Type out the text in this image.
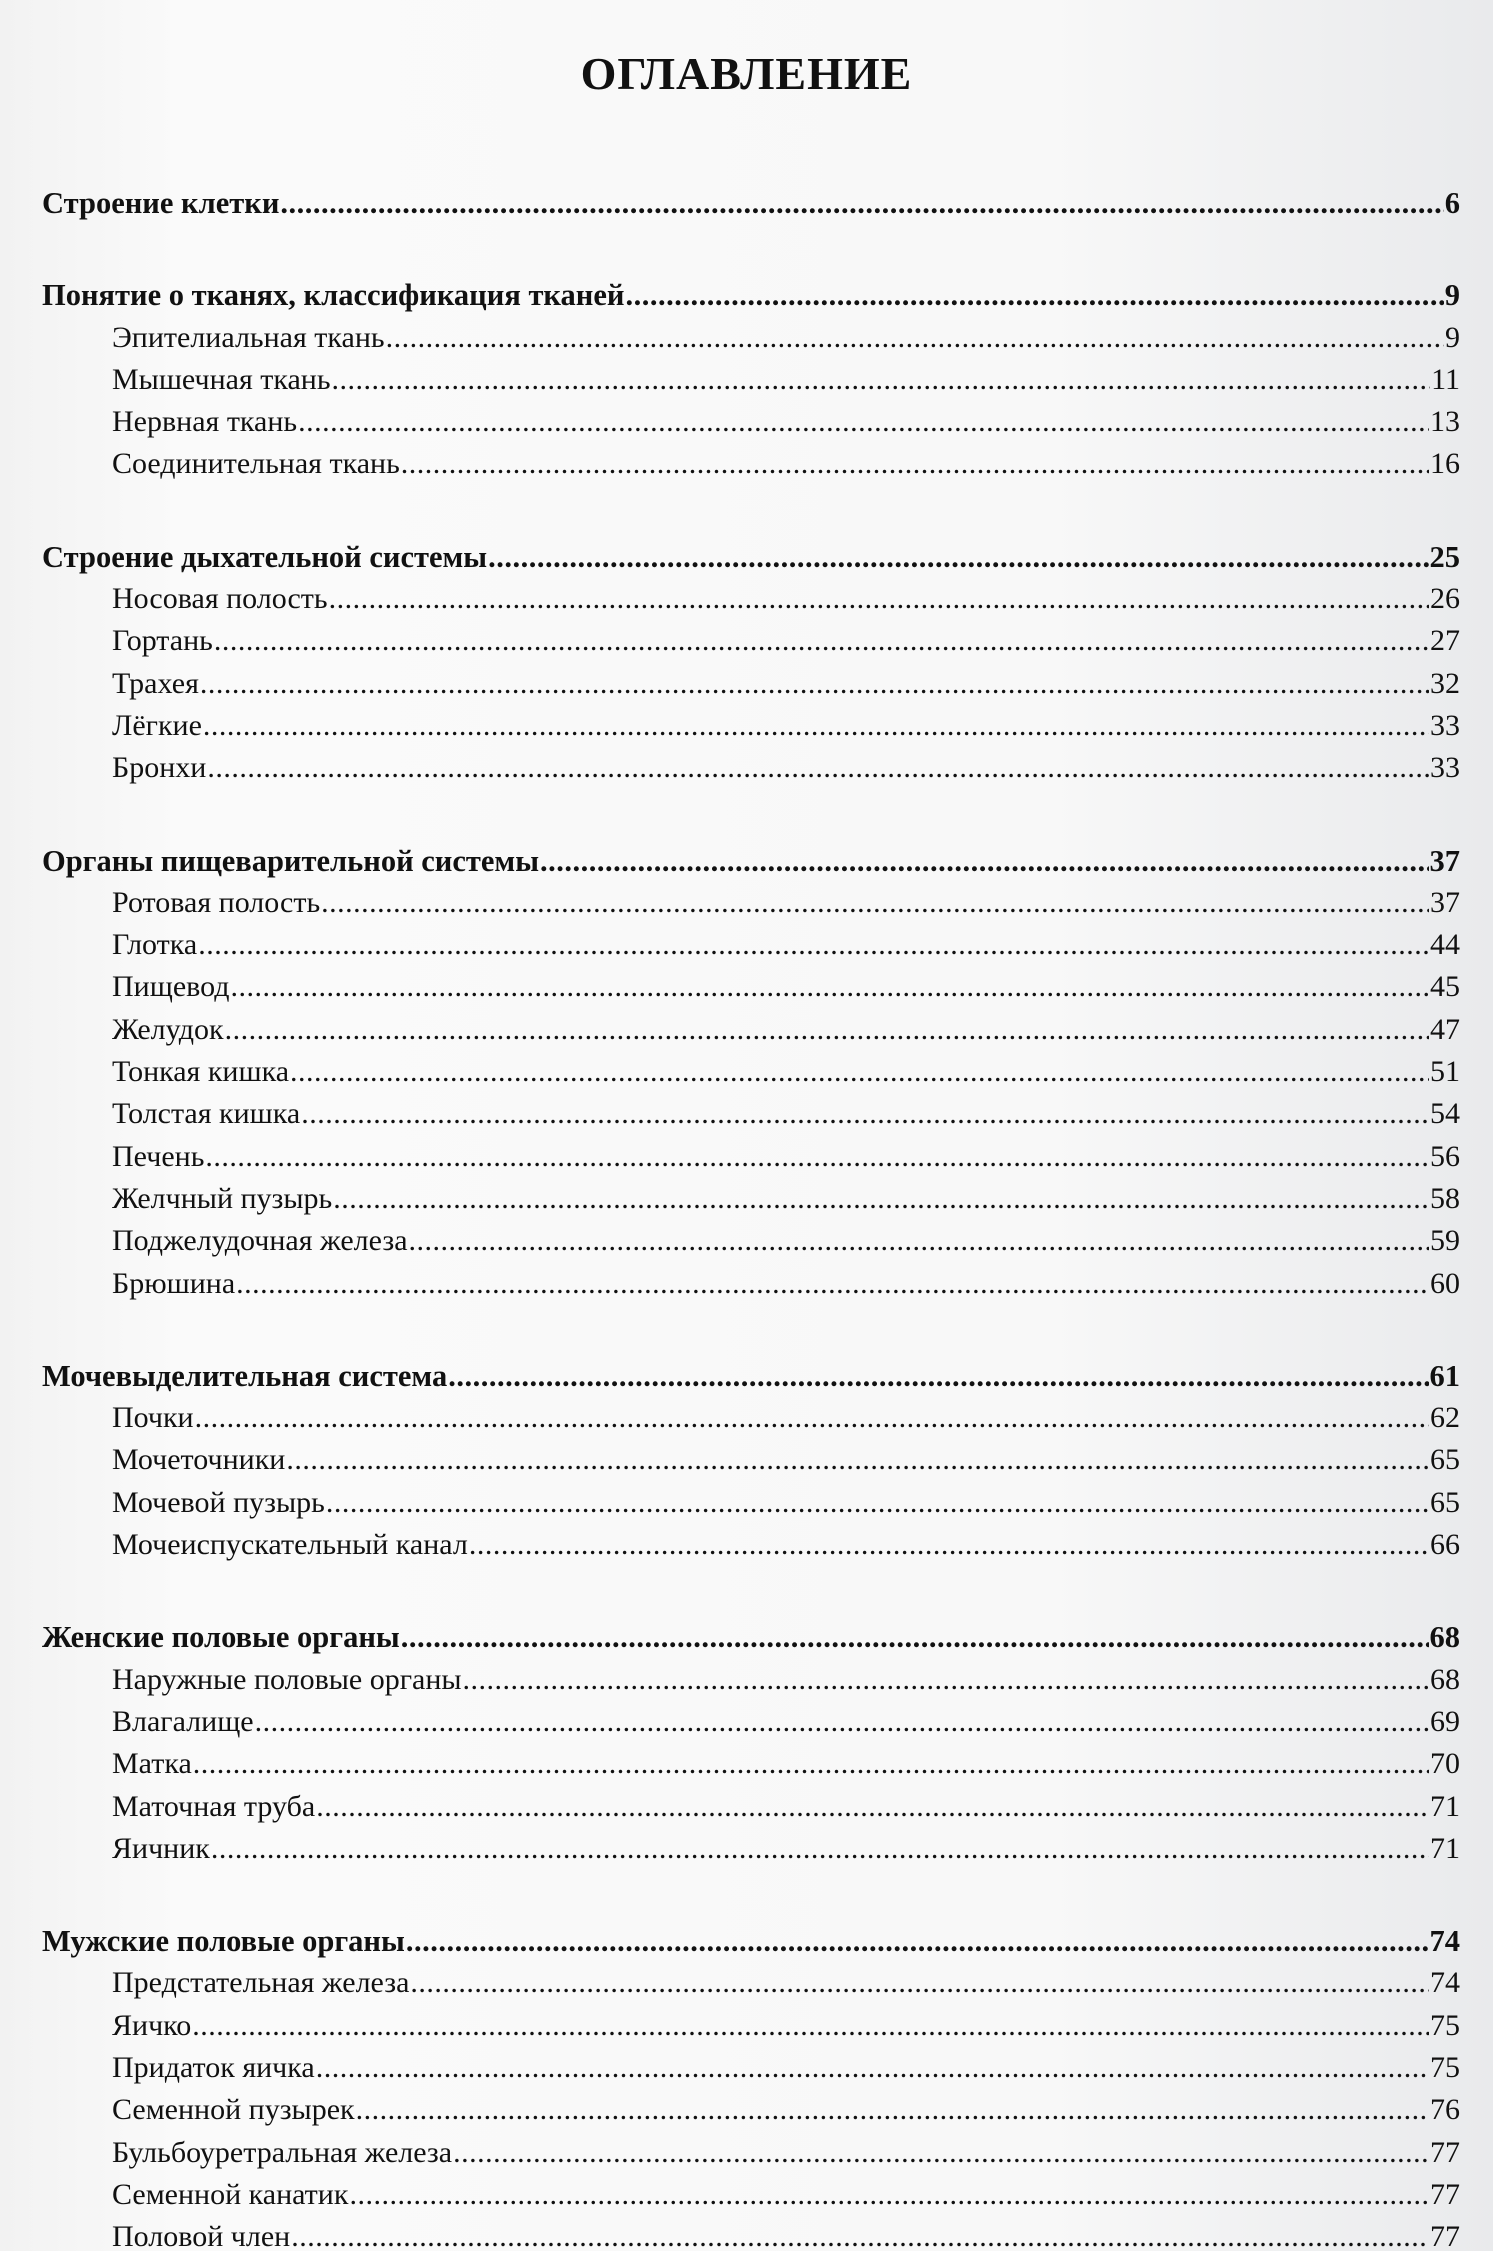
ОГЛАВЛЕНИЕ
Строение клетки .....	6
Понятие о тканях, классификация тканей .....	9
Эпителиальная ткань .....	9
Мышечная ткань .....	11
Нервная ткань .....	13
Соединительная ткань .....	16
Строение дыхательной системы .....	25
Носовая полость .....	26
Гортань .....	27
Трахея .....	32
Лёгкие .....	33
Бронхи .....	33
Органы пищеварительной системы .....	37
Ротовая полость .....	37
Глотка .....	44
Пищевод .....	45
Желудок .....	47
Тонкая кишка .....	51
Толстая кишка .....	54
Печень .....	56
Желчный пузырь .....	58
Поджелудочная железа .....	59
Брюшина .....	60
Мочевыделительная система .....	61
Почки .....	62
Мочеточники .....	65
Мочевой пузырь .....	65
Мочеиспускательный канал .....	66
Женские половые органы .....	68
Наружные половые органы .....	68
Влагалище .....	69
Матка .....	70
Маточная труба .....	71
Яичник .....	71
Мужские половые органы .....	74
Предстательная железа .....	74
Яичко .....	75
Придаток яичка .....	75
Семенной пузырек .....	76
Бульбоуретральная железа .....	77
Семенной канатик .....	77
Половой член .....	77
